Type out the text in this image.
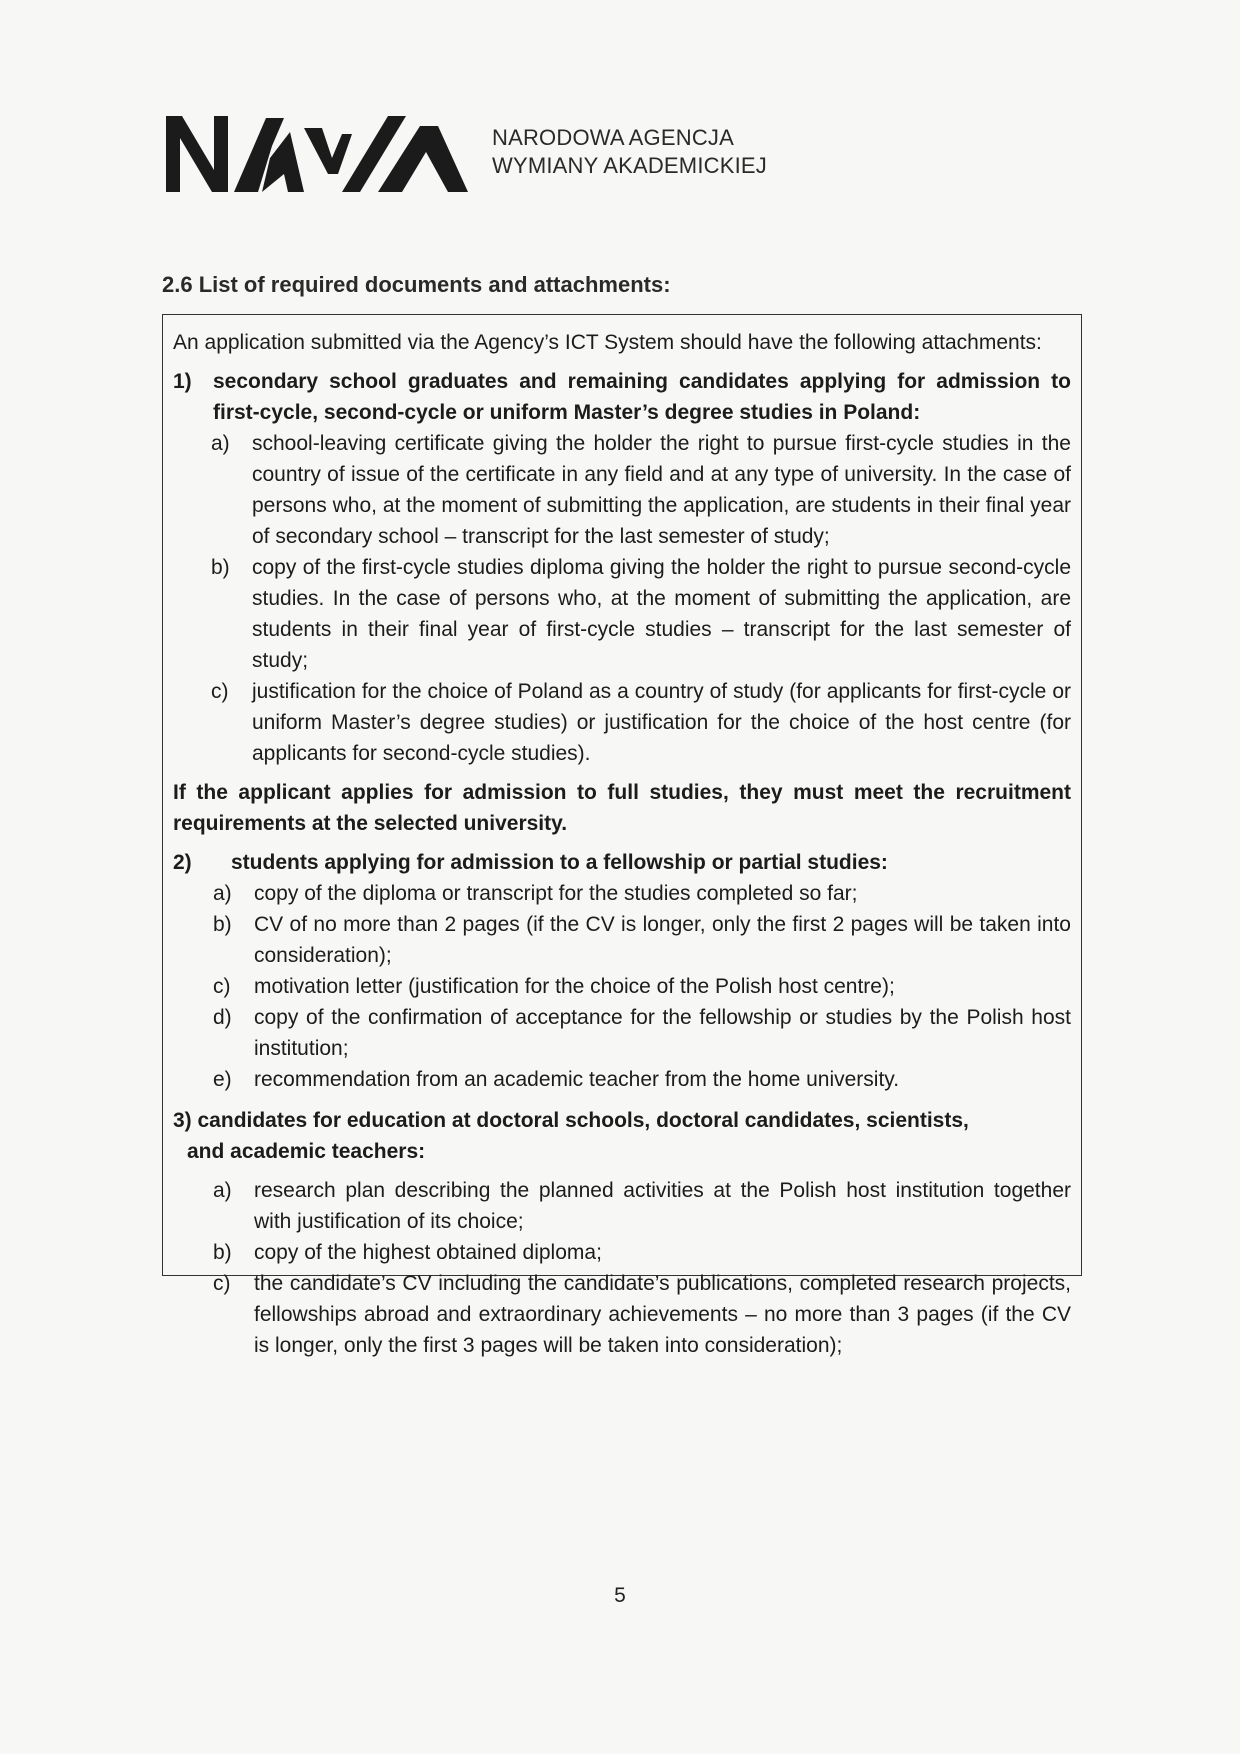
NARODOWA AGENCJA
WYMIANY AKADEMICKIEJ
2.6 List of required documents and attachments:
An application submitted via the Agency’s ICT System should have the following attachments:
1)	secondary school graduates and remaining candidates applying for admission to first-cycle, second-cycle or uniform Master’s degree studies in Poland:
a)	school-leaving certificate giving the holder the right to pursue first-cycle studies in the country of issue of the certificate in any field and at any type of university. In the case of persons who, at the moment of submitting the application, are students in their final year of secondary school – transcript for the last semester of study;
b)	copy of the first-cycle studies diploma giving the holder the right to pursue second-cycle studies. In the case of persons who, at the moment of submitting the application, are students in their final year of first-cycle studies – transcript for the last semester of study;
c)	justification for the choice of Poland as a country of study (for applicants for first-cycle or uniform Master’s degree studies) or justification for the choice of the host centre (for applicants for second-cycle studies).
If the applicant applies for admission to full studies, they must meet the recruitment requirements at the selected university.
2)	students applying for admission to a fellowship or partial studies:
a)	copy of the diploma or transcript for the studies completed so far;
b)	CV of no more than 2 pages (if the CV is longer, only the first 2 pages will be taken into consideration);
c)	motivation letter (justification for the choice of the Polish host centre);
d)	copy of the confirmation of acceptance for the fellowship or studies by the Polish host institution;
e)	recommendation from an academic teacher from the home university.
3) candidates for education at doctoral schools, doctoral candidates, scientists,
and academic teachers:
a)	research plan describing the planned activities at the Polish host institution together with justification of its choice;
b)	copy of the highest obtained diploma;
c)	the candidate’s CV including the candidate’s publications, completed research projects, fellowships abroad and extraordinary achievements – no more than 3 pages (if the CV is longer, only the first 3 pages will be taken into consideration);
5
